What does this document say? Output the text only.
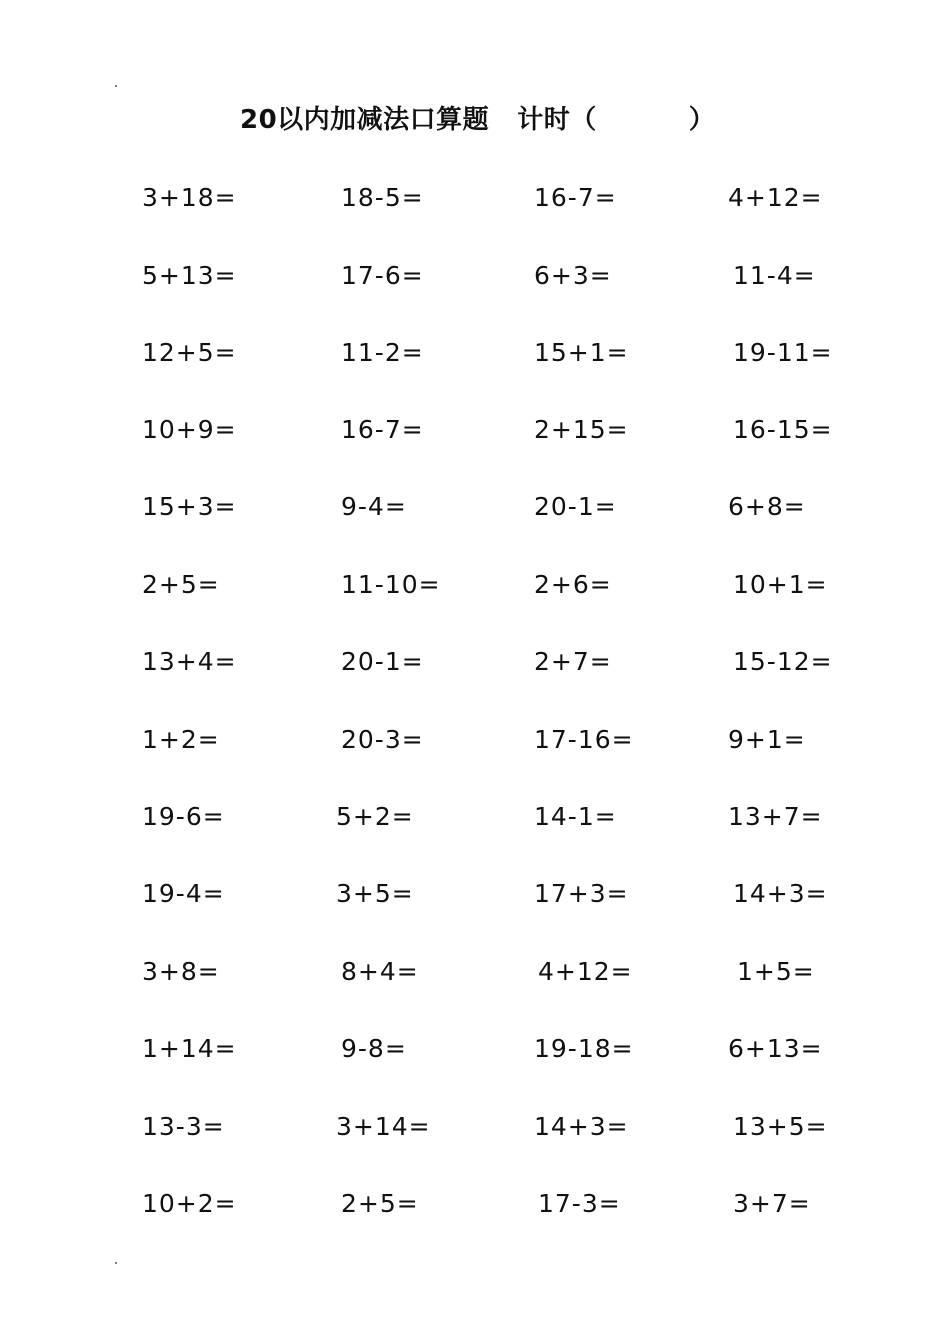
20以内加减法口算题 计时（	）
3+18=	18-5=	16-7=	4+12=
5+13=	17-6=	6+3=	11-4=
12+5=	11-2=	15+1=	19-11=
10+9=	16-7=	2+15=	16-15=
15+3=	9-4=	20-1=	6+8=
2+5=	11-10=	2+6=	10+1=
13+4=	20-1=	2+7=	15-12=
1+2=	20-3=	17-16=	9+1=
19-6=	5+2=	14-1=	13+7=
19-4=	3+5=	17+3=	14+3=
3+8=	8+4=	4+12=	1+5=
1+14=	9-8=	19-18=	6+13=
13-3=	3+14=	14+3=	13+5=
10+2=	2+5=	17-3=	3+7=
